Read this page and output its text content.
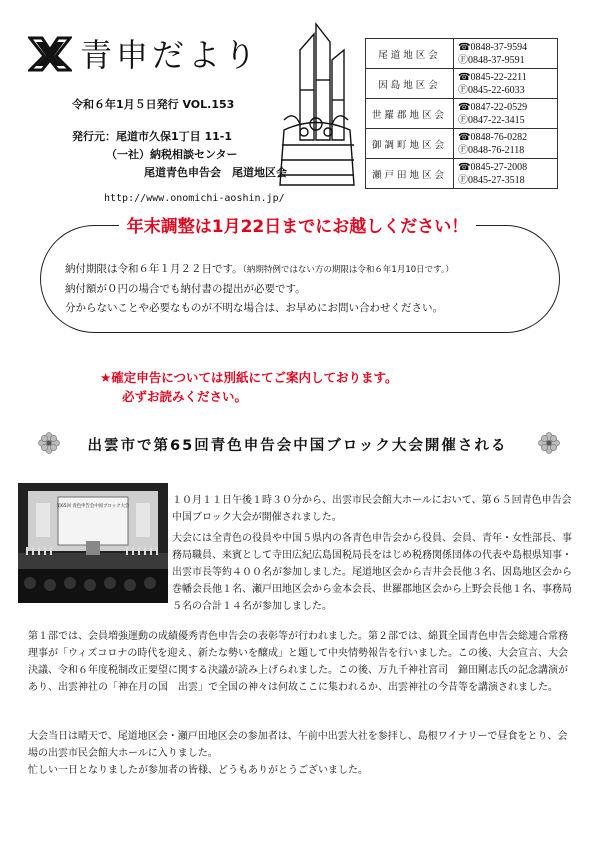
青申だより
令和６年1月５日発行 VOL.153
発行元：尾道市久保1丁目 11-1
（一社）納税相談センター
尾道青色申告会　尾道地区会
http://www.onomichi-aoshin.jp/
尾道地区会	☎0848-37-9594
Ⓕ0848-37-9591

因島地区会	☎0845-22-2211
Ⓕ0845-22-6033

世羅郡地区会	☎0847-22-0529
Ⓕ0847-22-3415

御調町地区会	☎0848-76-0282
Ⓕ0848-76-2118

瀬戸田地区会	☎0845-27-2008
Ⓕ0845-27-3518
年末調整は1月22日までにお越しください！
納付期限は令和６年１月２２日です。（納期特例ではない方の期限は令和６年1月10日です。）
納付額が０円の場合でも納付書の提出が必要です。
分からないことや必要なものが不明な場合は、お早めにお問い合わせください。
★確定申告については別紙にてご案内しております。
必ずお読みください。
出雲市で第65回青色申告会中国ブロック大会開催される
第65回 青色申告会中国ブロック大会
１０月１１日午後１時３０分から、出雲市民会館大ホールにおいて、第６５回青色申告会中国ブロック大会が開催されました。
大会には全青色の役員や中国５県内の各青色申告会から役員、会員、青年・女性部長、事務局職員、来賓として寺田広紀広島国税局長をはじめ税務関係団体の代表や島根県知事・出雲市長等約４００名が参加しました。尾道地区会から吉井会長他３名、因島地区会から巻幡会長他１名、瀬戸田地区会から金本会長、世羅郡地区会から上野会長他１名、事務局５名の合計１４名が参加しました。
第１部では、会員増強運動の成績優秀青色申告会の表彰等が行われました。第２部では、綿貫全国青色申告会総連合常務理事が「ウィズコロナの時代を迎え、新たな勢いを醸成」と題して中央情勢報告を行いました。この後、大会宣言、大会決議、令和６年度税制改正要望に関する決議が読み上げられました。この後、万九千神社宮司　錦田剛志氏の記念講演があり、出雲神社の「神在月の国　出雲」で全国の神々は何故ここに集われるか、出雲神社の今昔等を講演されました。
大会当日は晴天で、尾道地区会・瀬戸田地区会の参加者は、午前中出雲大社を参拝し、島根ワイナリーで昼食をとり、会場の出雲市民会館大ホールに入りました。
忙しい一日となりましたが参加者の皆様、どうもありがとうございました。
